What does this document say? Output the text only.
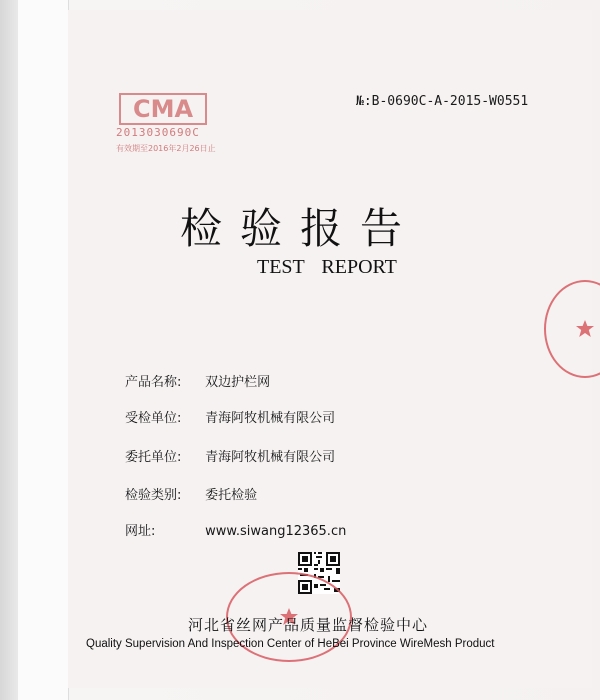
CMA
2013030690C
有效期至2016年2月26日止
№:B-0690C-A-2015-W0551
检验报告
TEST REPORT
产品名称: 双边护栏网
受检单位: 青海阿牧机械有限公司
委托单位: 青海阿牧机械有限公司
检验类别: 委托检验
网址:	www.siwang12365.cn
河北省丝网产品质量监督检验中心
Quality Supervision And Inspection Center of HeBei Province WireMesh Product
